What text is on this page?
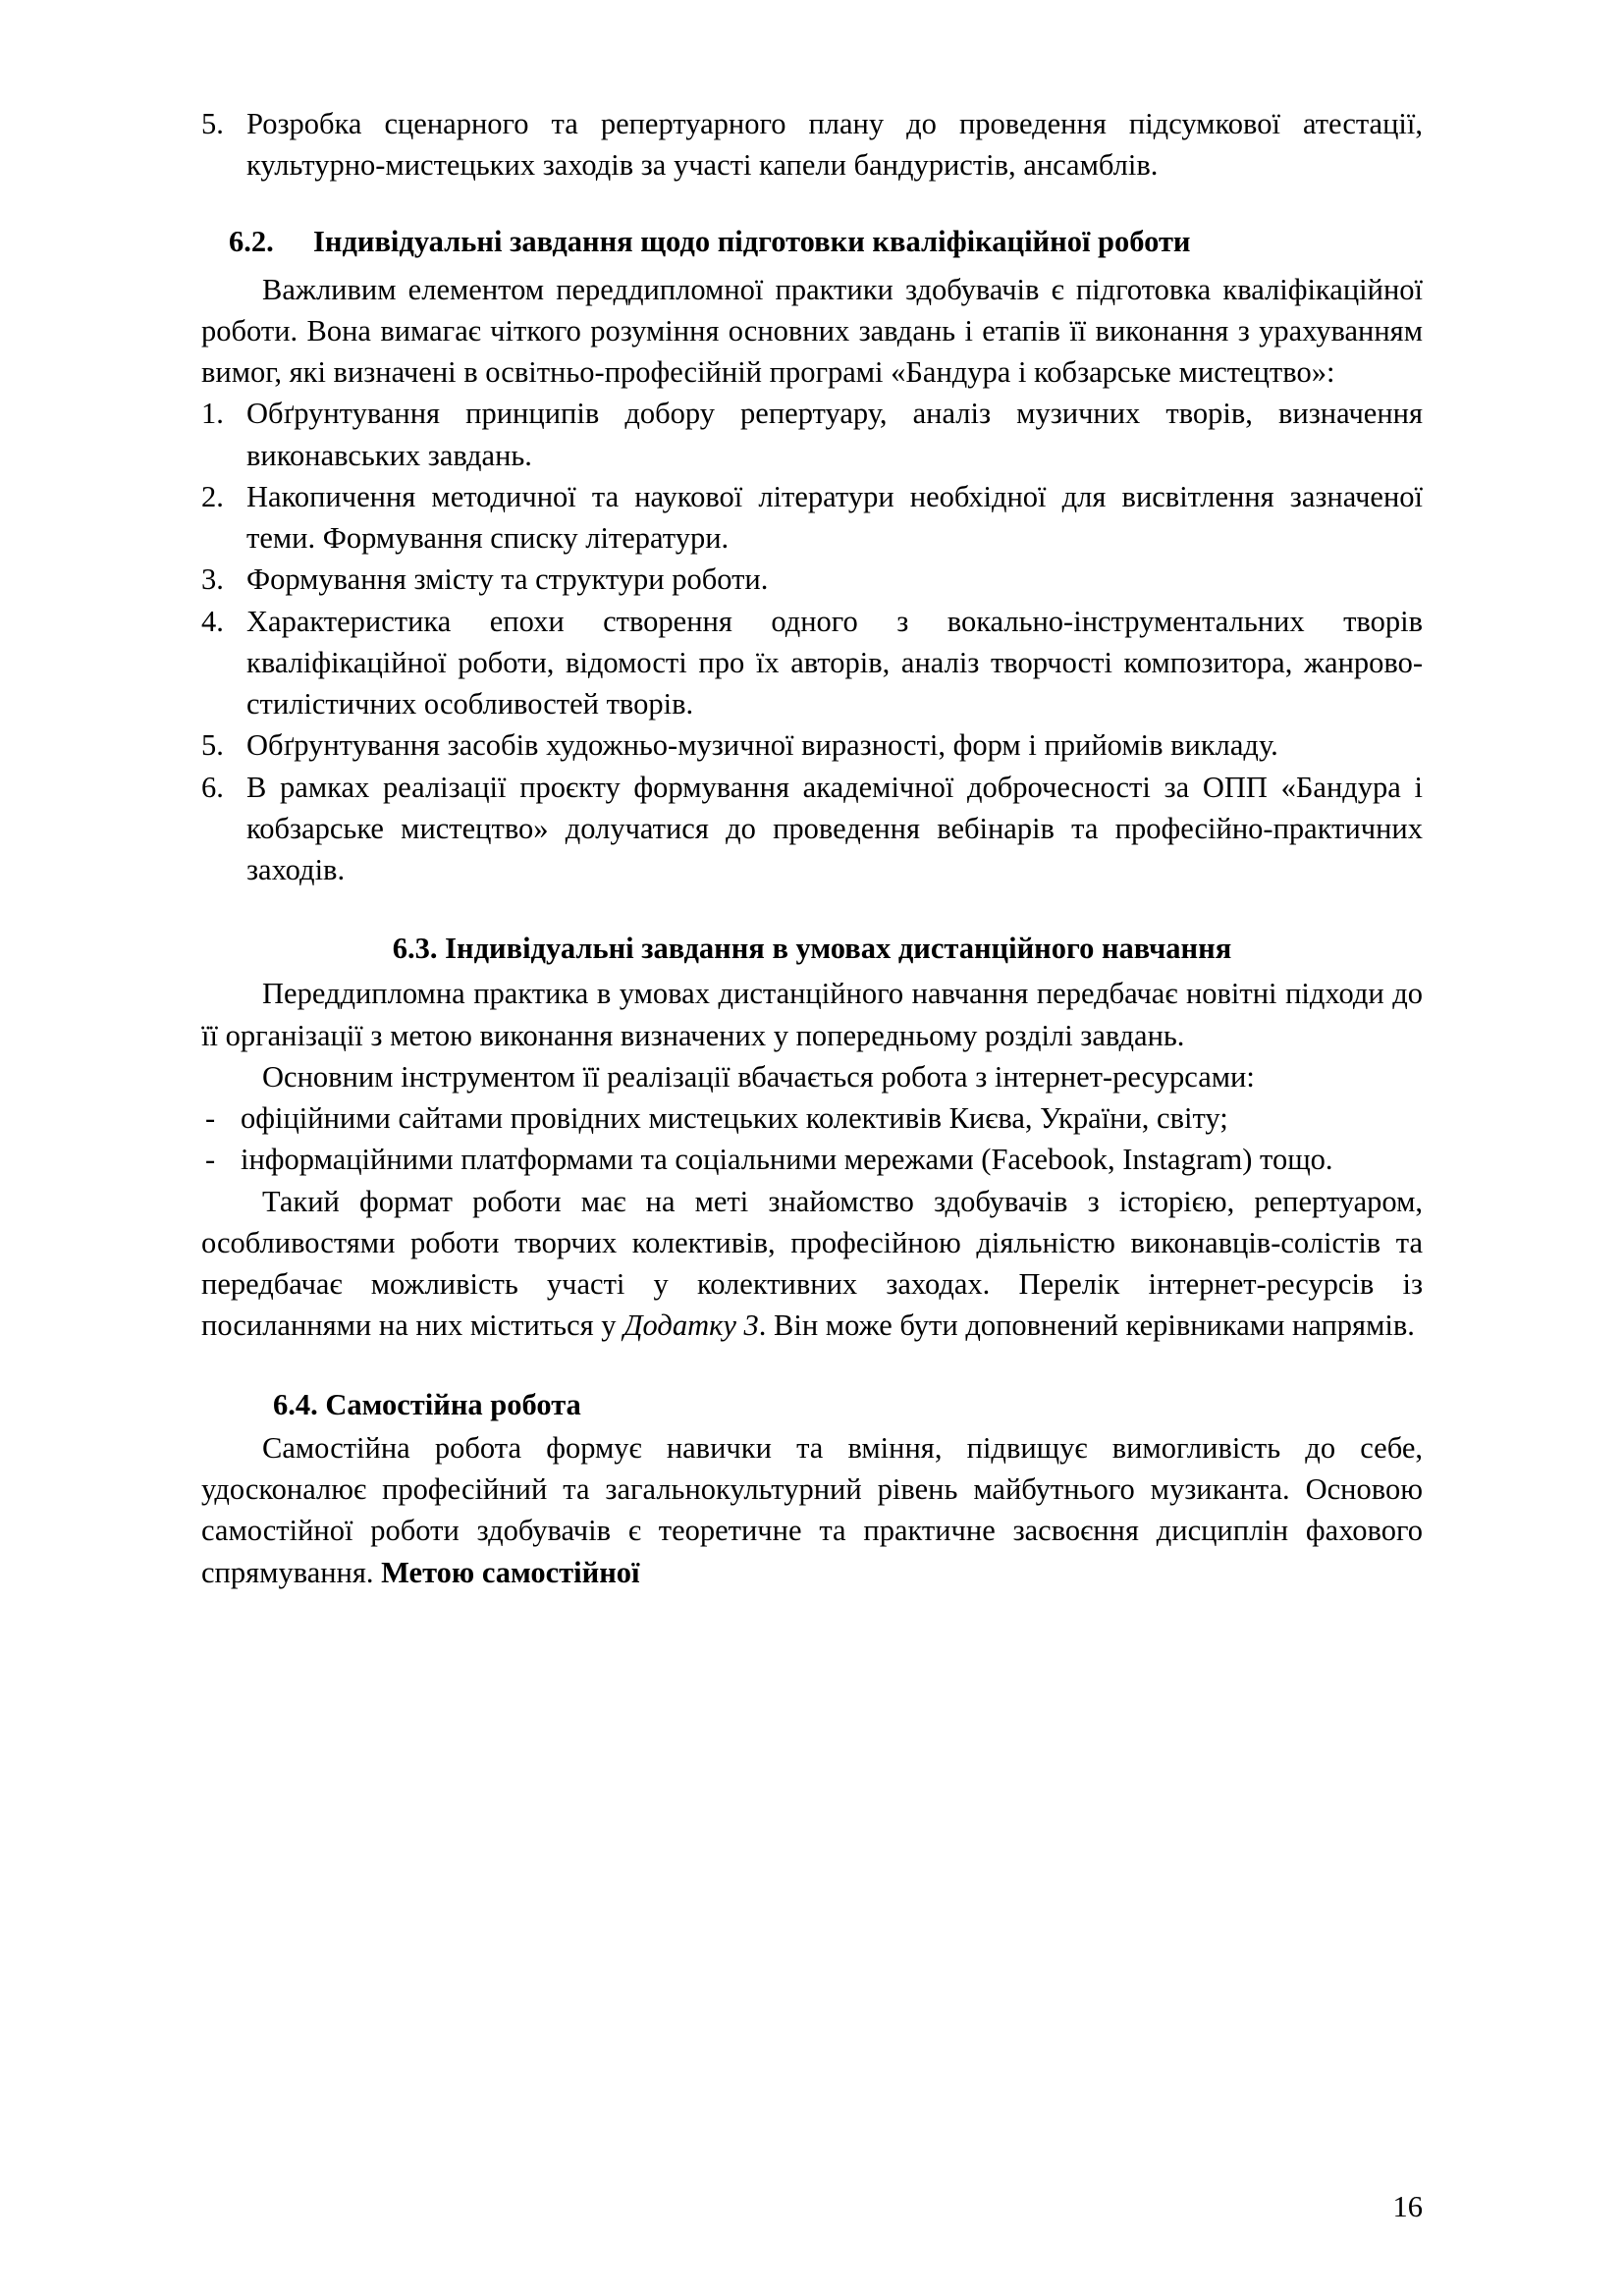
5. Розробка сценарного та репертуарного плану до проведення підсумкової атестації, культурно-мистецьких заходів за участі капели бандуристів, ансамблів.
6.2. Індивідуальні завдання щодо підготовки кваліфікаційної роботи

Важливим елементом переддипломної практики здобувачів є підготовка кваліфікаційної роботи. Вона вимагає чіткого розуміння основних завдань і етапів її виконання з урахуванням вимог, які визначені в освітньо-професійній програмі «Бандура і кобзарське мистецтво»:

1. Обґрунтування принципів добору репертуару, аналіз музичних творів, визначення виконавських завдань.
2. Накопичення методичної та наукової літератури необхідної для висвітлення зазначеної теми. Формування списку літератури.
3. Формування змісту та структури роботи.
4. Характеристика епохи створення одного з вокально-інструментальних творів кваліфікаційної роботи, відомості про їх авторів, аналіз творчості композитора, жанрово-стилістичних особливостей творів.
5. Обґрунтування засобів художньо-музичної виразності, форм і прийомів викладу.
6. В рамках реалізації проєкту формування академічної доброчесності за ОПП «Бандура і кобзарське мистецтво» долучатися до проведення вебінарів та професійно-практичних заходів.
6.3. Індивідуальні завдання в умовах дистанційного навчання

Переддипломна практика в умовах дистанційного навчання передбачає новітні підходи до її організації з метою виконання визначених у попередньому розділі завдань.

Основним інструментом її реалізації вбачається робота з інтернет-ресурсами:

- офіційними сайтами провідних мистецьких колективів Києва, України, світу;
- інформаційними платформами та соціальними мережами (Facebook, Instagram) тощо.

Такий формат роботи має на меті знайомство здобувачів з історією, репертуаром, особливостями роботи творчих колективів, професійною діяльністю виконавців-солістів та передбачає можливість участі у колективних заходах. Перелік інтернет-ресурсів із посиланнями на них міститься у Додатку 3. Він може бути доповнений керівниками напрямів.

6.4. Самостійна робота

Самостійна робота формує навички та вміння, підвищує вимогливість до себе, удосконалює професійний та загальнокультурний рівень майбутнього музиканта. Основою самостійної роботи здобувачів є теоретичне та практичне засвоєння дисциплін фахового спрямування. Метою самостійної

16
